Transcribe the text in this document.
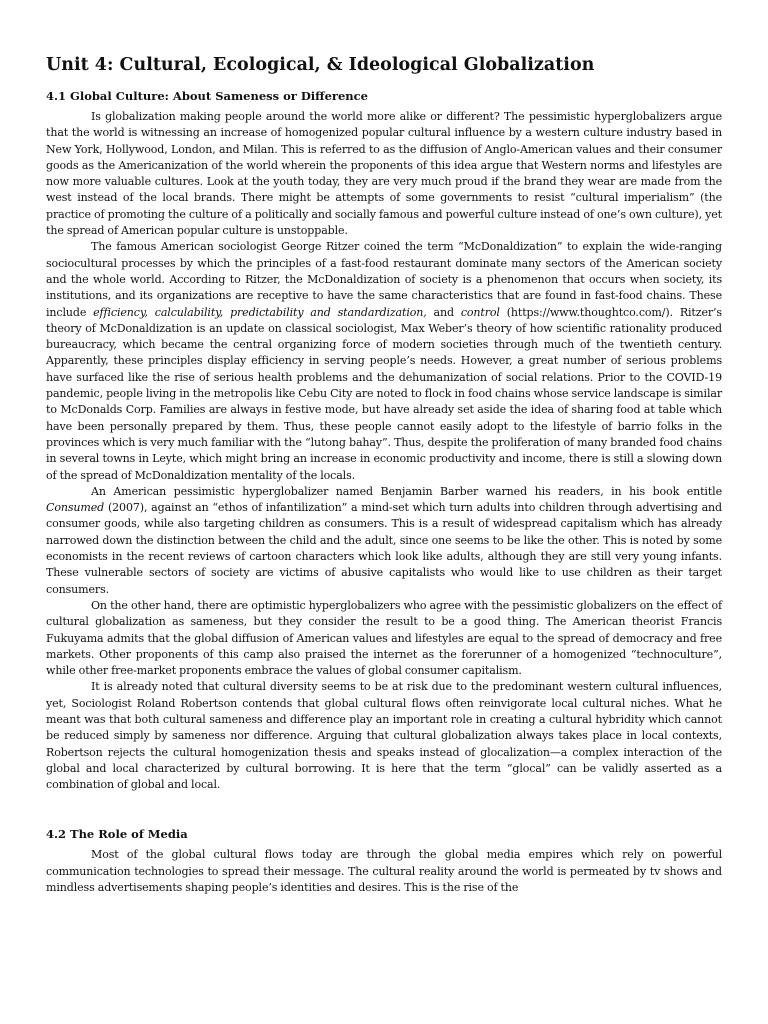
Unit 4: Cultural, Ecological, & Ideological Globalization
4.1 Global Culture: About Sameness or Difference

Is globalization making people around the world more alike or different? The pessimistic hyperglobalizers argue that the world is witnessing an increase of homogenized popular cultural influence by a western culture industry based in New York, Hollywood, London, and Milan. This is referred to as the diffusion of Anglo-American values and their consumer goods as the Americanization of the world wherein the proponents of this idea argue that Western norms and lifestyles are now more valuable cultures. Look at the youth today, they are very much proud if the brand they wear are made from the west instead of the local brands. There might be attempts of some governments to resist “cultural imperialism” (the practice of promoting the culture of a politically and socially famous and powerful culture instead of one’s own culture), yet the spread of American popular culture is unstoppable.

The famous American sociologist George Ritzer coined the term “McDonaldization” to explain the wide-ranging sociocultural processes by which the principles of a fast-food restaurant dominate many sectors of the American society and the whole world. According to Ritzer, the McDonaldization of society is a phenomenon that occurs when society, its institutions, and its organizations are receptive to have the same characteristics that are found in fast-food chains. These include efficiency, calculability, predictability and standardization, and control (https://www.thoughtco.com/). Ritzer’s theory of McDonaldization is an update on classical sociologist, Max Weber’s theory of how scientific rationality produced bureaucracy, which became the central organizing force of modern societies through much of the twentieth century. Apparently, these principles display efficiency in serving people’s needs. However, a great number of serious problems have surfaced like the rise of serious health problems and the dehumanization of social relations. Prior to the COVID-19 pandemic, people living in the metropolis like Cebu City are noted to flock in food chains whose service landscape is similar to McDonalds Corp. Families are always in festive mode, but have already set aside the idea of sharing food at table which have been personally prepared by them. Thus, these people cannot easily adopt to the lifestyle of barrio folks in the provinces which is very much familiar with the “lutong bahay”. Thus, despite the proliferation of many branded food chains in several towns in Leyte, which might bring an increase in economic productivity and income, there is still a slowing down of the spread of McDonaldization mentality of the locals.

An American pessimistic hyperglobalizer named Benjamin Barber warned his readers, in his book entitle Consumed (2007), against an “ethos of infantilization” a mind-set which turn adults into children through advertising and consumer goods, while also targeting children as consumers. This is a result of widespread capitalism which has already narrowed down the distinction between the child and the adult, since one seems to be like the other. This is noted by some economists in the recent reviews of cartoon characters which look like adults, although they are still very young infants. These vulnerable sectors of society are victims of abusive capitalists who would like to use children as their target consumers.

On the other hand, there are optimistic hyperglobalizers who agree with the pessimistic globalizers on the effect of cultural globalization as sameness, but they consider the result to be a good thing. The American theorist Francis Fukuyama admits that the global diffusion of American values and lifestyles are equal to the spread of democracy and free markets. Other proponents of this camp also praised the internet as the forerunner of a homogenized “technoculture”, while other free-market proponents embrace the values of global consumer capitalism.

It is already noted that cultural diversity seems to be at risk due to the predominant western cultural influences, yet, Sociologist Roland Robertson contends that global cultural flows often reinvigorate local cultural niches. What he meant was that both cultural sameness and difference play an important role in creating a cultural hybridity which cannot be reduced simply by sameness nor difference. Arguing that cultural globalization always takes place in local contexts, Robertson rejects the cultural homogenization thesis and speaks instead of glocalization—a complex interaction of the global and local characterized by cultural borrowing. It is here that the term “glocal” can be validly asserted as a combination of global and local.

4.2 The Role of Media

Most of the global cultural flows today are through the global media empires which rely on powerful communication technologies to spread their message. The cultural reality around the world is permeated by tv shows and mindless advertisements shaping people’s identities and desires. This is the rise of the
